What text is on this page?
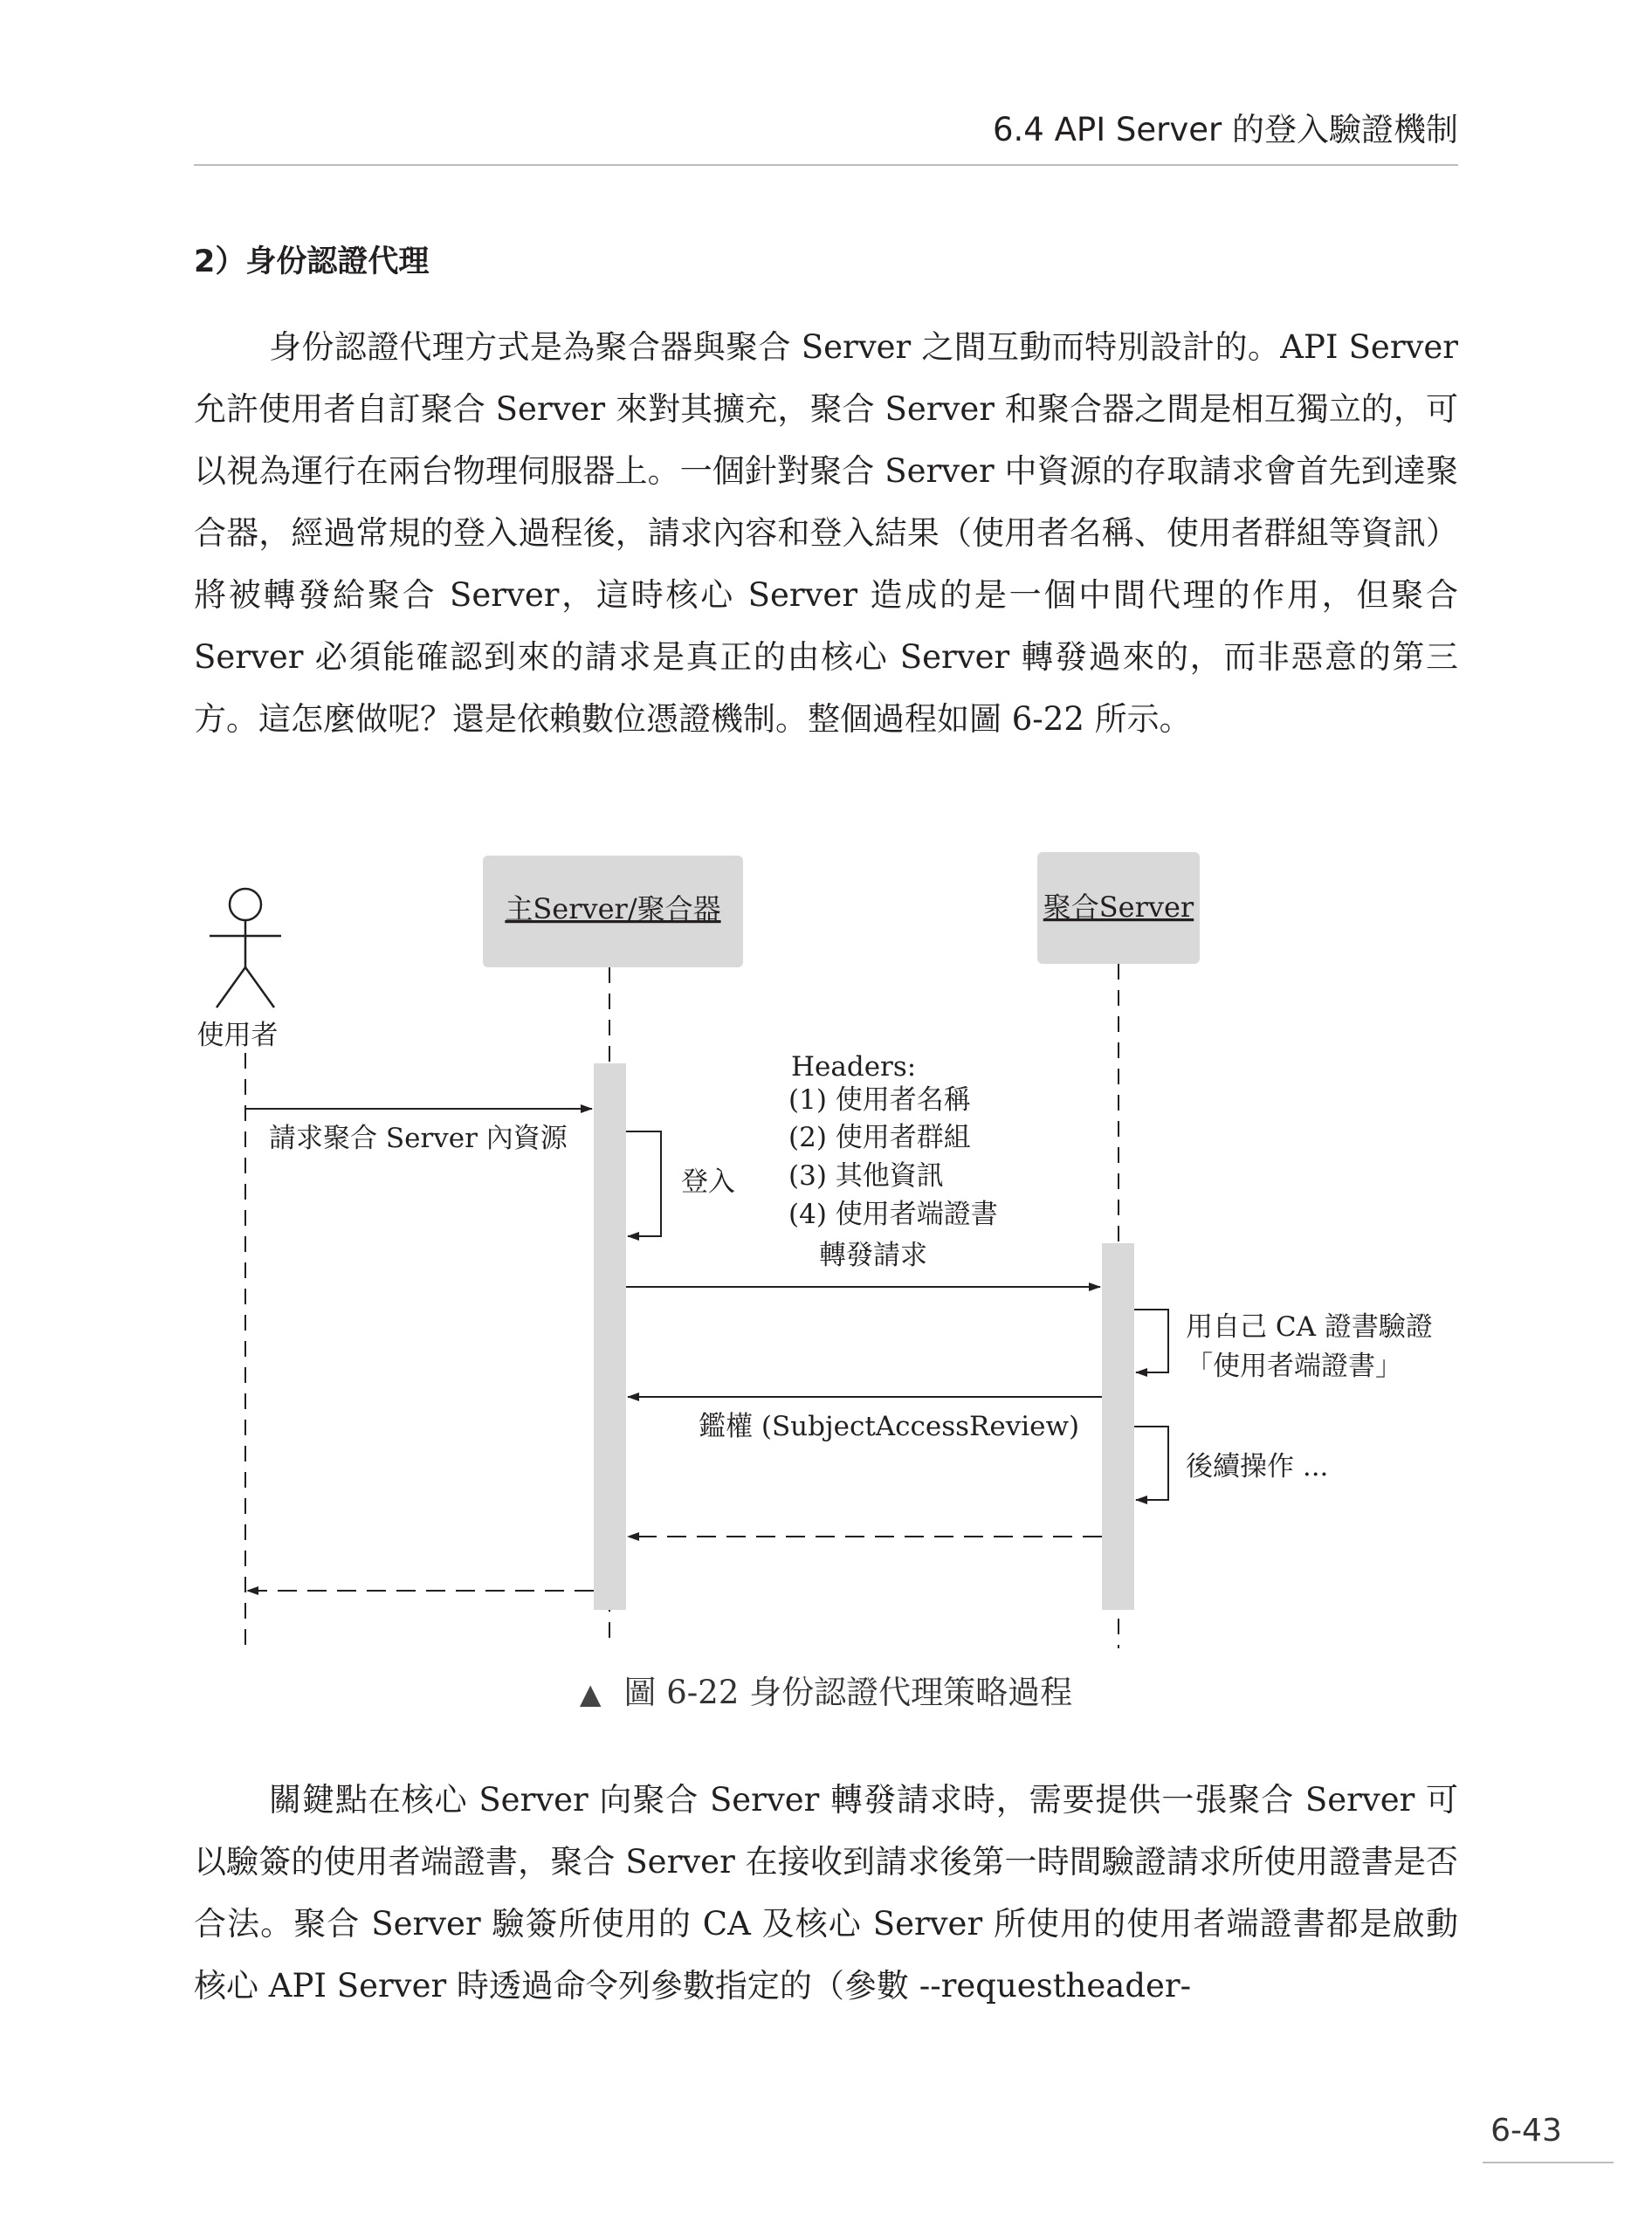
6.4 API Server 的登入驗證機制
2）身份認證代理

身份認證代理方式是為聚合器與聚合 Server 之間互動而特別設計的。API Server 允許使用者自訂聚合 Server 來對其擴充，聚合 Server 和聚合器之間是相互獨立的，可以視為運行在兩台物理伺服器上。一個針對聚合 Server 中資源的存取請求會首先到達聚合器，經過常規的登入過程後，請求內容和登入結果（使用者名稱、使用者群組等資訊）將被轉發給聚合 Server，這時核心 Server 造成的是一個中間代理的作用，但聚合 Server 必須能確認到來的請求是真正的由核心 Server 轉發過來的，而非惡意的第三方。這怎麼做呢？還是依賴數位憑證機制。整個過程如圖 6-22 所示。

使用者
主Server/聚合器	聚合Server
請求聚合 Server 內資源
登入
Headers:
(1) 使用者名稱
(2) 使用者群組
(3) 其他資訊
(4) 使用者端證書
轉發請求
用自己 CA 證書驗證
「使用者端證書」
鑑權 (SubjectAccessReview)
後續操作 ...
▲ 圖 6-22 身份認證代理策略過程

關鍵點在核心 Server 向聚合 Server 轉發請求時，需要提供一張聚合 Server 可以驗簽的使用者端證書，聚合 Server 在接收到請求後第一時間驗證請求所使用證書是否合法。聚合 Server 驗簽所使用的 CA 及核心 Server 所使用的使用者端證書都是啟動核心 API Server 時透過命令列參數指定的（參數 --requestheader-

6-43
